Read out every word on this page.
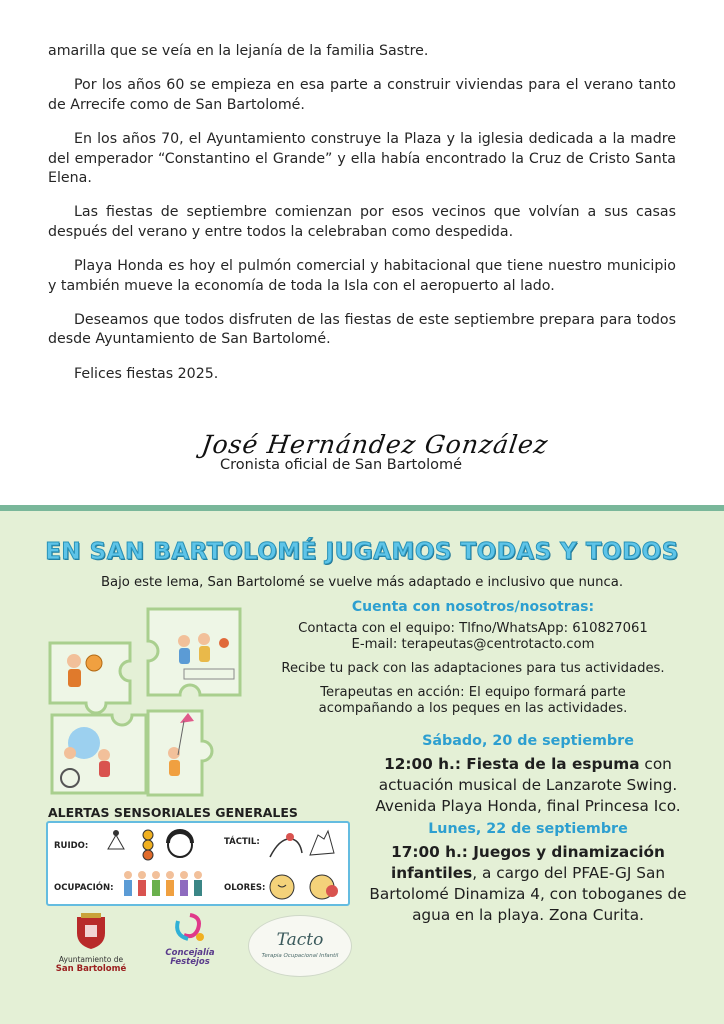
amarilla que se veía en la lejanía de la familia Sastre.

Por los años 60 se empieza en esa parte a construir viviendas para el verano tanto de Arrecife como de San Bartolomé.

En los años 70, el Ayuntamiento construye la Plaza y la iglesia dedicada a la madre del emperador “Constantino el Grande” y ella había encontrado la Cruz de Cristo Santa Elena.

Las fiestas de septiembre comienzan por esos vecinos que volvían a sus casas después del verano y entre todos la celebraban como despedida.

Playa Honda es hoy el pulmón comercial y habitacional que tiene nuestro municipio y también mueve la economía de toda la Isla con el aeropuerto al lado.

Deseamos que todos disfruten de las fiestas de este septiembre prepara para todos desde Ayuntamiento de San Bartolomé.

Felices fiestas 2025.

José Hernández González
Cronista oficial de San Bartolomé
EN SAN BARTOLOMÉ JUGAMOS TODAS Y TODOS
Bajo este lema, San Bartolomé se vuelve más adaptado e inclusivo que nunca.
Cuenta con nosotros/nosotras:
Contacta con el equipo: Tlfno/WhatsApp: 610827061
E-mail: terapeutas@centrotacto.com
Recibe tu pack con las adaptaciones para tus actividades.
Terapeutas en acción: El equipo formará parte
acompañando a los peques en las actividades.
Sábado, 20 de septiembre
12:00 h.: Fiesta de la espuma con actuación musical de Lanzarote Swing. Avenida Playa Honda, final Princesa Ico.
Lunes, 22 de septiembre
17:00 h.: Juegos y dinamización infantiles, a cargo del PFAE-GJ San Bartolomé Dinamiza 4, con toboganes de agua en la playa. Zona Curita.
ALERTAS SENSORIALES GENERALES
RUIDO:	TÁCTIL:
OCUPACIÓN:	OLORES:
Ayuntamiento de
San Bartolomé
Concejalía
Festejos
Tacto
Terapia Ocupacional Infantil
